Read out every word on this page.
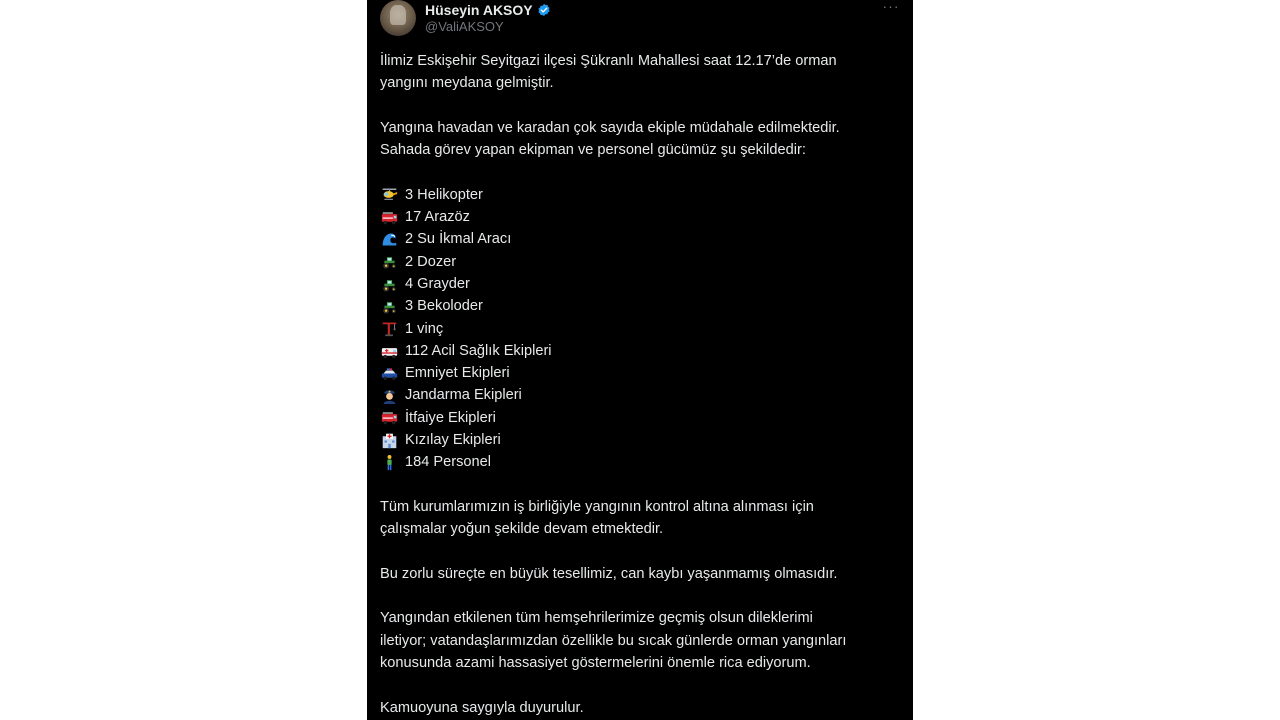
Hüseyin AKSOY
@ValiAKSOY
···
İlimiz Eskişehir Seyitgazi ilçesi Şükranlı Mahallesi saat 12.17’de orman
yangını meydana gelmiştir.
Yangına havadan ve karadan çok sayıda ekiple müdahale edilmektedir.
Sahada görev yapan ekipman ve personel gücümüz şu şekildedir:
3 Helikopter
17 Arazöz
2 Su İkmal Aracı
2 Dozer
4 Grayder
3 Bekoloder
1 vinç
112 Acil Sağlık Ekipleri
Emniyet Ekipleri
Jandarma Ekipleri
İtfaiye Ekipleri
Kızılay Ekipleri
184 Personel
Tüm kurumlarımızın iş birliğiyle yangının kontrol altına alınması için
çalışmalar yoğun şekilde devam etmektedir.
Bu zorlu süreçte en büyük tesellimiz, can kaybı yaşanmamış olmasıdır.
Yangından etkilenen tüm hemşehrilerimize geçmiş olsun dileklerimi
iletiyor; vatandaşlarımızdan özellikle bu sıcak günlerde orman yangınları
konusunda azami hassasiyet göstermelerini önemle rica ediyorum.
Kamuoyuna saygıyla duyurulur.
